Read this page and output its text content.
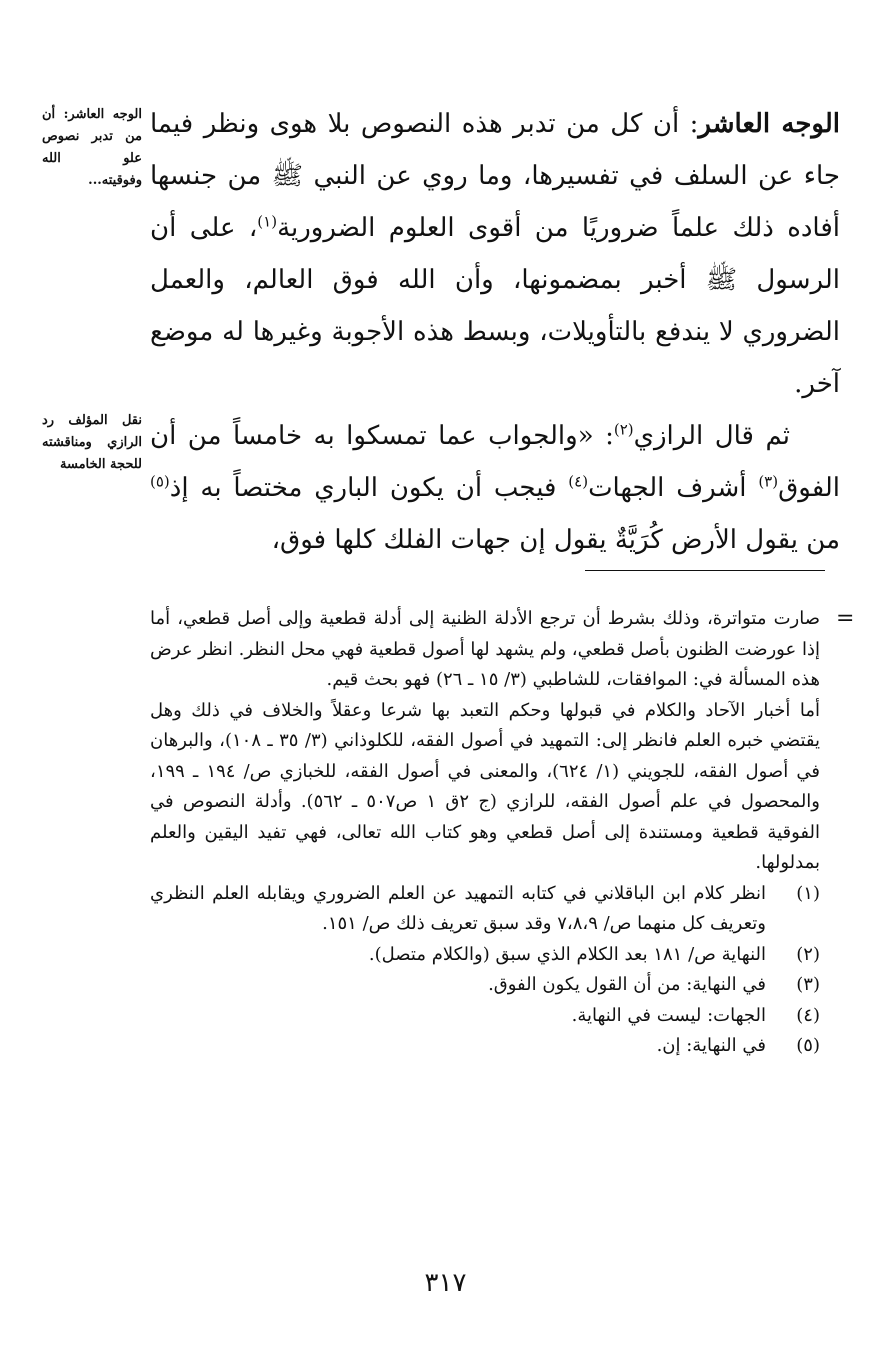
الوجه العاشر: أن كل من تدبر هذه النصوص بلا هوى ونظر فيما جاء عن السلف في تفسيرها، وما روي عن النبي ﷺ من جنسها أفاده ذلك علماً ضروريًا من أقوى العلوم الضرورية$^{(١)}$، على أن الرسول ﷺ أخبر بمضمونها، وأن الله فوق العالم، والعمل الضروري لا يندفع بالتأويلات، وبسط هذه الأجوبة وغيرها له موضع آخر.

ثم قال الرازي$^{(٢)}$: «والجواب عما تمسكوا به خامساً من أن الفوق$^{(٣)}$ أشرف الجهات$^{(٤)}$ فيجب أن يكون الباري مختصاً به إذ$^{(٥)}$ من يقول الأرض كُرَيَّةٌ يقول إن جهات الفلك كلها فوق،

الوجه العاشر: أن من تدبر نصوص علو الله وفوقيته...
نقل المؤلف رد الرازي ومناقشته للحجة الخامسة
=

صارت متواترة، وذلك بشرط أن ترجع الأدلة الظنية إلى أدلة قطعية وإلى أصل قطعي، أما إذا عورضت الظنون بأصل قطعي، ولم يشهد لها أصول قطعية فهي محل النظر. انظر عرض هذه المسألة في: الموافقات، للشاطبي (٣/ ١٥ ـ ٢٦) فهو بحث قيم.

أما أخبار الآحاد والكلام في قبولها وحكم التعبد بها شرعا وعقلاً والخلاف في ذلك وهل يقتضي خبره العلم فانظر إلى: التمهيد في أصول الفقه، للكلوذاني (٣/ ٣٥ ـ ١٠٨)، والبرهان في أصول الفقه، للجويني (١/ ٦٢٤)، والمعنى في أصول الفقه، للخبازي ص/ ١٩٤ ـ ١٩٩، والمحصول في علم أصول الفقه، للرازي (ج ٢ق ١ ص٥٠٧ ـ ٥٦٢). وأدلة النصوص في الفوقية قطعية ومستندة إلى أصل قطعي وهو كتاب الله تعالى، فهي تفيد اليقين والعلم بمدلولها.

(١)
انظر كلام ابن الباقلاني في كتابه التمهيد عن العلم الضروري ويقابله العلم النظري وتعريف كل منهما ص/ ٧،٨،٩ وقد سبق تعريف ذلك ص/ ١٥١.

(٢)
النهاية ص/ ١٨١ بعد الكلام الذي سبق (والكلام متصل).

(٣)
في النهاية: من أن القول يكون الفوق.

(٤)
الجهات: ليست في النهاية.

(٥)
في النهاية: إن.

٣١٧
